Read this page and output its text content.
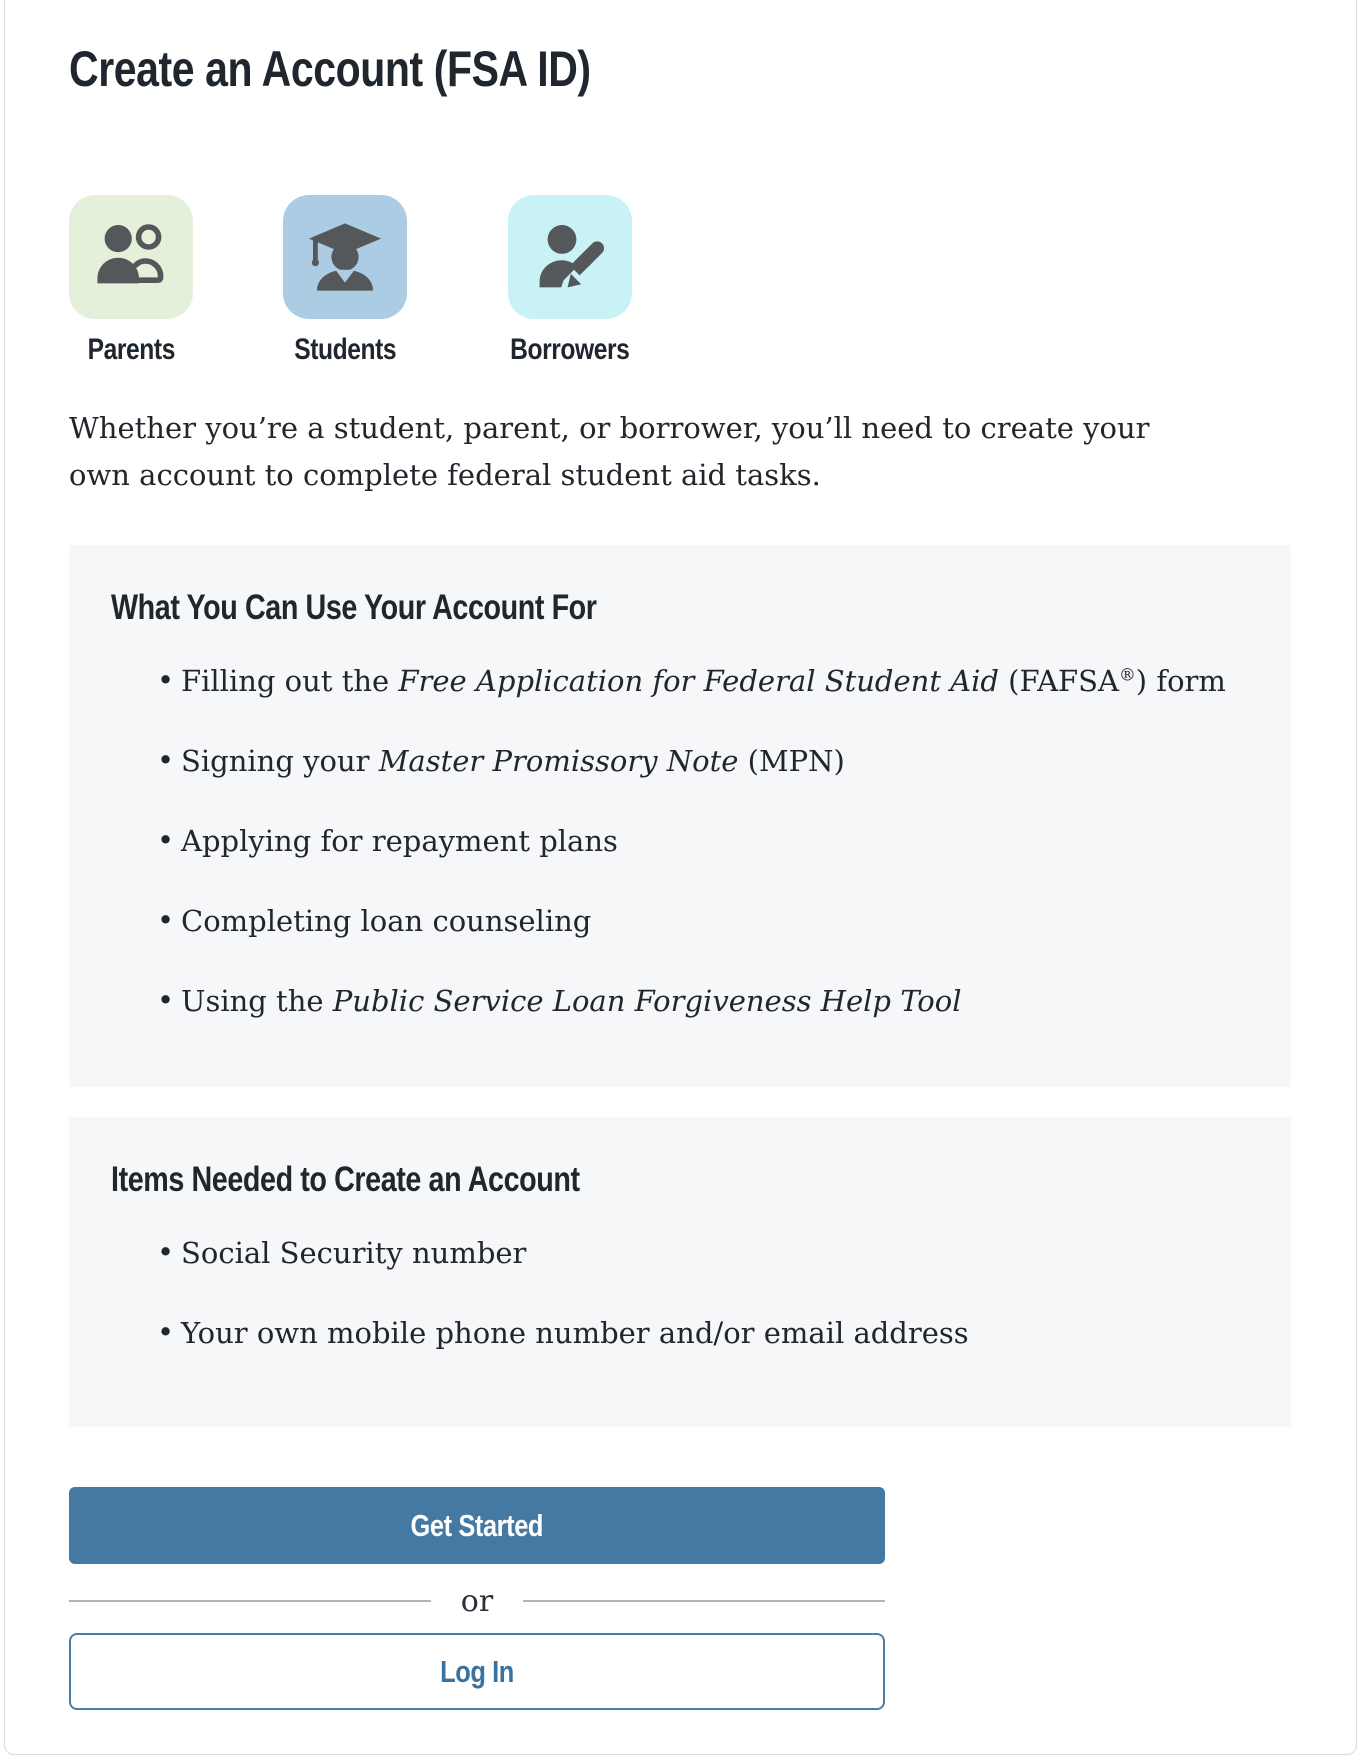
Create an Account (FSA ID)
Parents	Students	Borrowers

Whether you’re a student, parent, or borrower, you’ll need to create your own account to complete federal student aid tasks.

What You Can Use Your Account For
• Filling out the Free Application for Federal Student Aid (FAFSA®) form
• Signing your Master Promissory Note (MPN)
• Applying for repayment plans
• Completing loan counseling
• Using the Public Service Loan Forgiveness Help Tool
Items Needed to Create an Account
• Social Security number
• Your own mobile phone number and/or email address
Get Started
or
Log In
